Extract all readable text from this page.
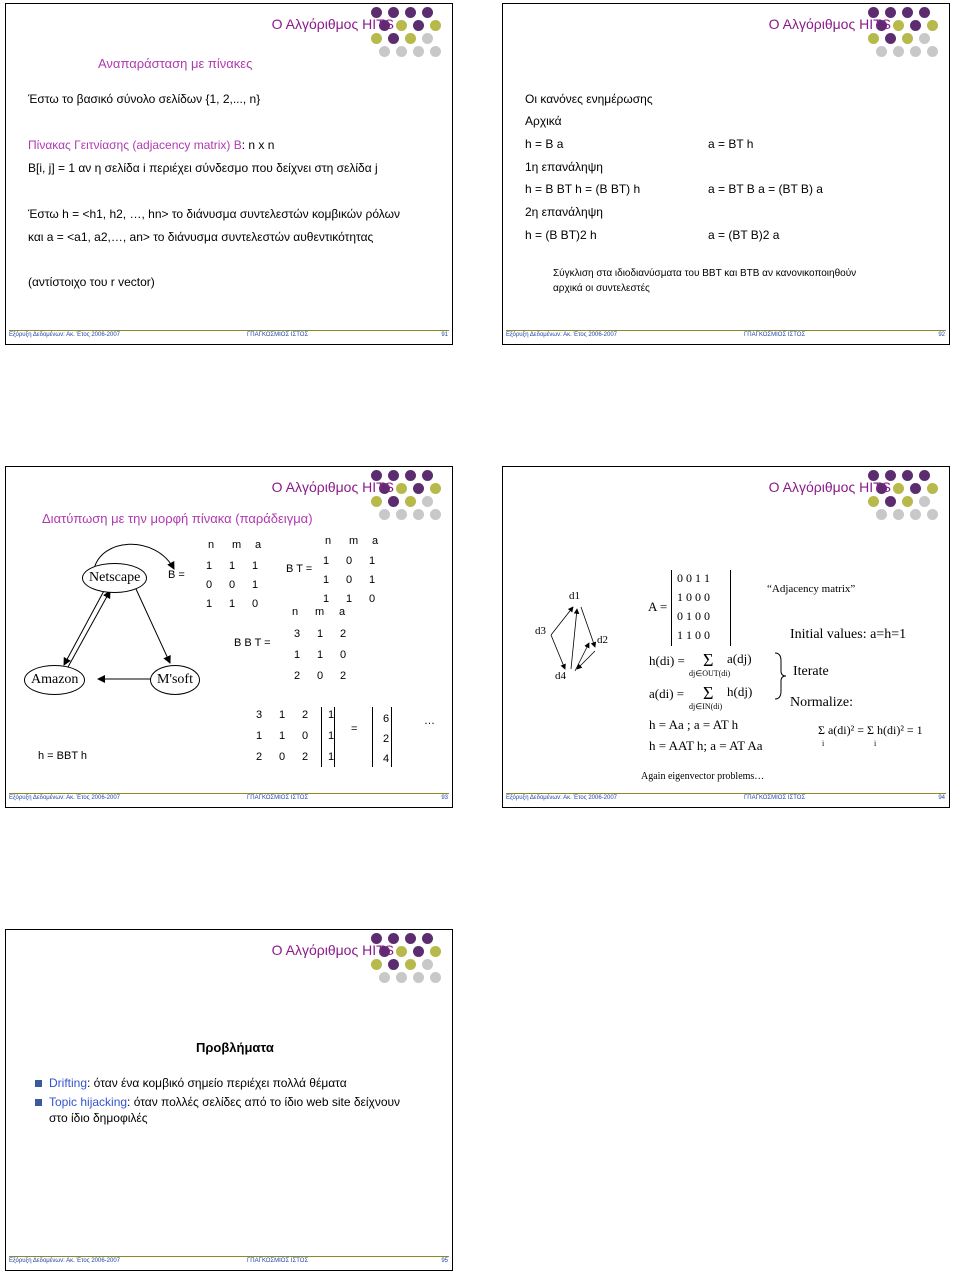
Ο Αλγόριθμος HITS
Αναπαράσταση με πίνακες
Έστω το βασικό σύνολο σελίδων {1, 2,..., n}
Πίνακας Γειτνίασης (adjacency matrix) B: n x n
B[i, j] = 1 αν η σελίδα i περιέχει σύνδεσμο που δείχνει στη σελίδα j
Έστω h = <h1, h2, …, hn> το διάνυσμα συντελεστών κομβικών ρόλων
και a = <a1, a2,…, an> το διάνυσμα συντελεστών αυθεντικότητας
(αντίστοιχο του r vector)
Εξόρυξη Δεδομένων: Ακ. Έτος 2006-2007	ΓΠΑΓΚΟΣΜΙΟΣ ΙΣΤΟΣ	91
Ο Αλγόριθμος HITS
Οι κανόνες ενημέρωσης
Αρχικά
h = B a	a = BT h
1η επανάληψη
h = B BT h = (B BT) h	a = BT B a = (BT B) a
2η επανάληψη
h = (B BT)2 h	a = (BT B)2 a
Σύγκλιση στα ιδιοδιανύσματα του BBT και BTB αν κανονικοποιηθούν
αρχικά οι συντελεστές
Εξόρυξη Δεδομένων: Ακ. Έτος 2006-2007	ΓΠΑΓΚΟΣΜΙΟΣ ΙΣΤΟΣ	92
Ο Αλγόριθμος HITS
Διατύπωση με την μορφή πίνακα (παράδειγμα)
Netscape
Amazon	M'soft
B =
n m a
1 1 1
0 0 1
1 1 0
B T =
n m a
1 0 1
1 0 1
1 1 0
n m a
B B T =
3 1 2
1 1 0
2 0 2
3 1 2
1 1 0
2 0 2
1
1
1
=
6
2
4
…
h = BBT h
Εξόρυξη Δεδομένων: Ακ. Έτος 2006-2007	ΓΠΑΓΚΟΣΜΙΟΣ ΙΣΤΟΣ	93
Ο Αλγόριθμος HITS
d1
d2
d3
d4
A =
0 0 1 1
1 0 0 0
0 1 0 0
1 1 0 0
“Adjacency matrix”
Initial values: a=h=1
h(di) = Σ a(dj)
dj∈OUT(di)
a(di) = Σ h(dj)
dj∈IN(di)
Iterate
Normalize:
h = Aa ; a = AT h
h = AAT h; a = AT Aa
Σ a(di)² = Σ h(di)² = 1
i	i
Again eigenvector problems…
Εξόρυξη Δεδομένων: Ακ. Έτος 2006-2007	ΓΠΑΓΚΟΣΜΙΟΣ ΙΣΤΟΣ	94
Ο Αλγόριθμος HITS
Προβλήματα
Drifting: όταν ένα κομβικό σημείο περιέχει πολλά θέματα
Topic hijacking: όταν πολλές σελίδες από το ίδιο web site δείχνουν
στο ίδιο δημοφιλές
Εξόρυξη Δεδομένων: Ακ. Έτος 2006-2007	ΓΠΑΓΚΟΣΜΙΟΣ ΙΣΤΟΣ	95
